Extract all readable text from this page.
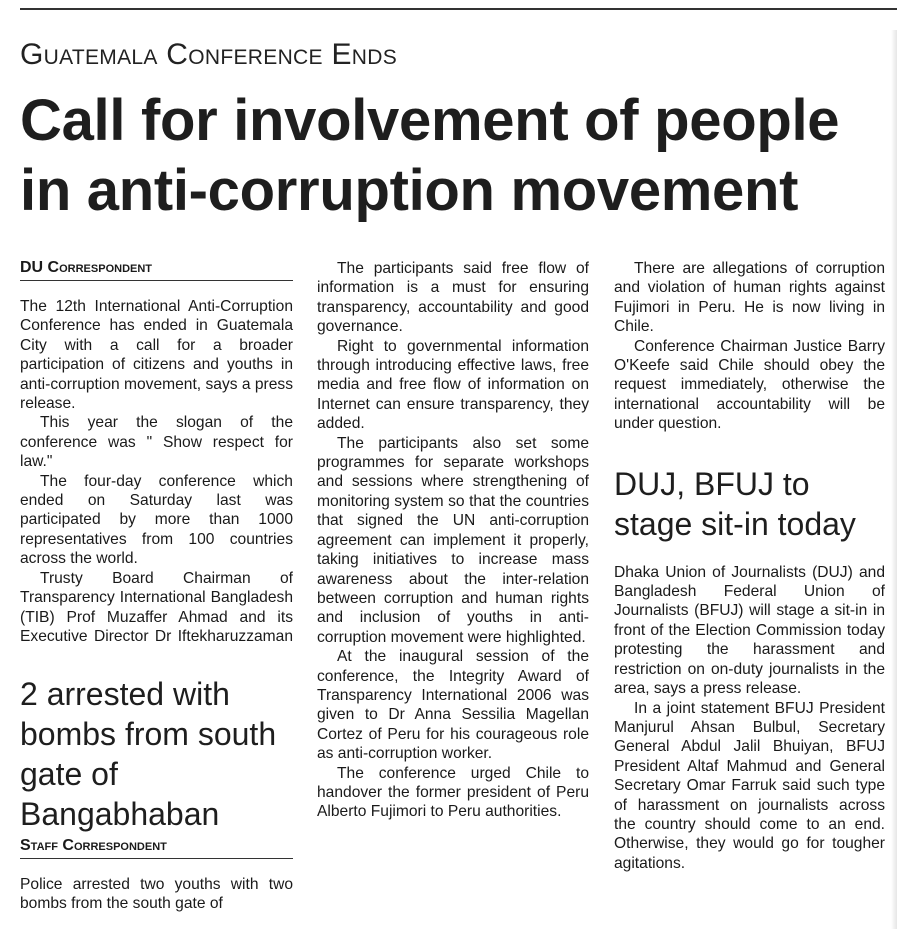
Guatemala Conference Ends
Call for involvement of people in anti-corruption movement
DU Correspondent

The 12th International Anti-Corruption Conference has ended in Guatemala City with a call for a broader participation of citizens and youths in anti-corruption movement, says a press release.

This year the slogan of the conference was " Show respect for law."

The four-day conference which ended on Saturday last was participated by more than 1000 representatives from 100 countries across the world.

Trusty Board Chairman of Transparency International Bangladesh (TIB) Prof Muzaffer Ahmad and its Executive Director Dr Iftekharuzzaman

2 arrested with bombs from south gate of Bangabhaban
Staff Correspondent

Police arrested two youths with two bombs from the south gate of

The participants said free flow of information is a must for ensuring transparency, accountability and good governance.

Right to governmental information through introducing effective laws, free media and free flow of information on Internet can ensure transparency, they added.

The participants also set some programmes for separate workshops and sessions where strengthening of monitoring system so that the countries that signed the UN anti-corruption agreement can implement it properly, taking initiatives to increase mass awareness about the inter-relation between corruption and human rights and inclusion of youths in anti-corruption movement were highlighted.

At the inaugural session of the conference, the Integrity Award of Transparency International 2006 was given to Dr Anna Sessilia Magellan Cortez of Peru for his courageous role as anti-corruption worker.

The conference urged Chile to handover the former president of Peru Alberto Fujimori to Peru authorities.

There are allegations of corruption and violation of human rights against Fujimori in Peru. He is now living in Chile.

Conference Chairman Justice Barry O'Keefe said Chile should obey the request immediately, otherwise the international accountability will be under question.

DUJ, BFUJ to stage sit-in today

Dhaka Union of Journalists (DUJ) and Bangladesh Federal Union of Journalists (BFUJ) will stage a sit-in in front of the Election Commission today protesting the harassment and restriction on on-duty journalists in the area, says a press release.

In a joint statement BFUJ President Manjurul Ahsan Bulbul, Secretary General Abdul Jalil Bhuiyan, BFUJ President Altaf Mahmud and General Secretary Omar Farruk said such type of harassment on journalists across the country should come to an end. Otherwise, they would go for tougher agitations.
